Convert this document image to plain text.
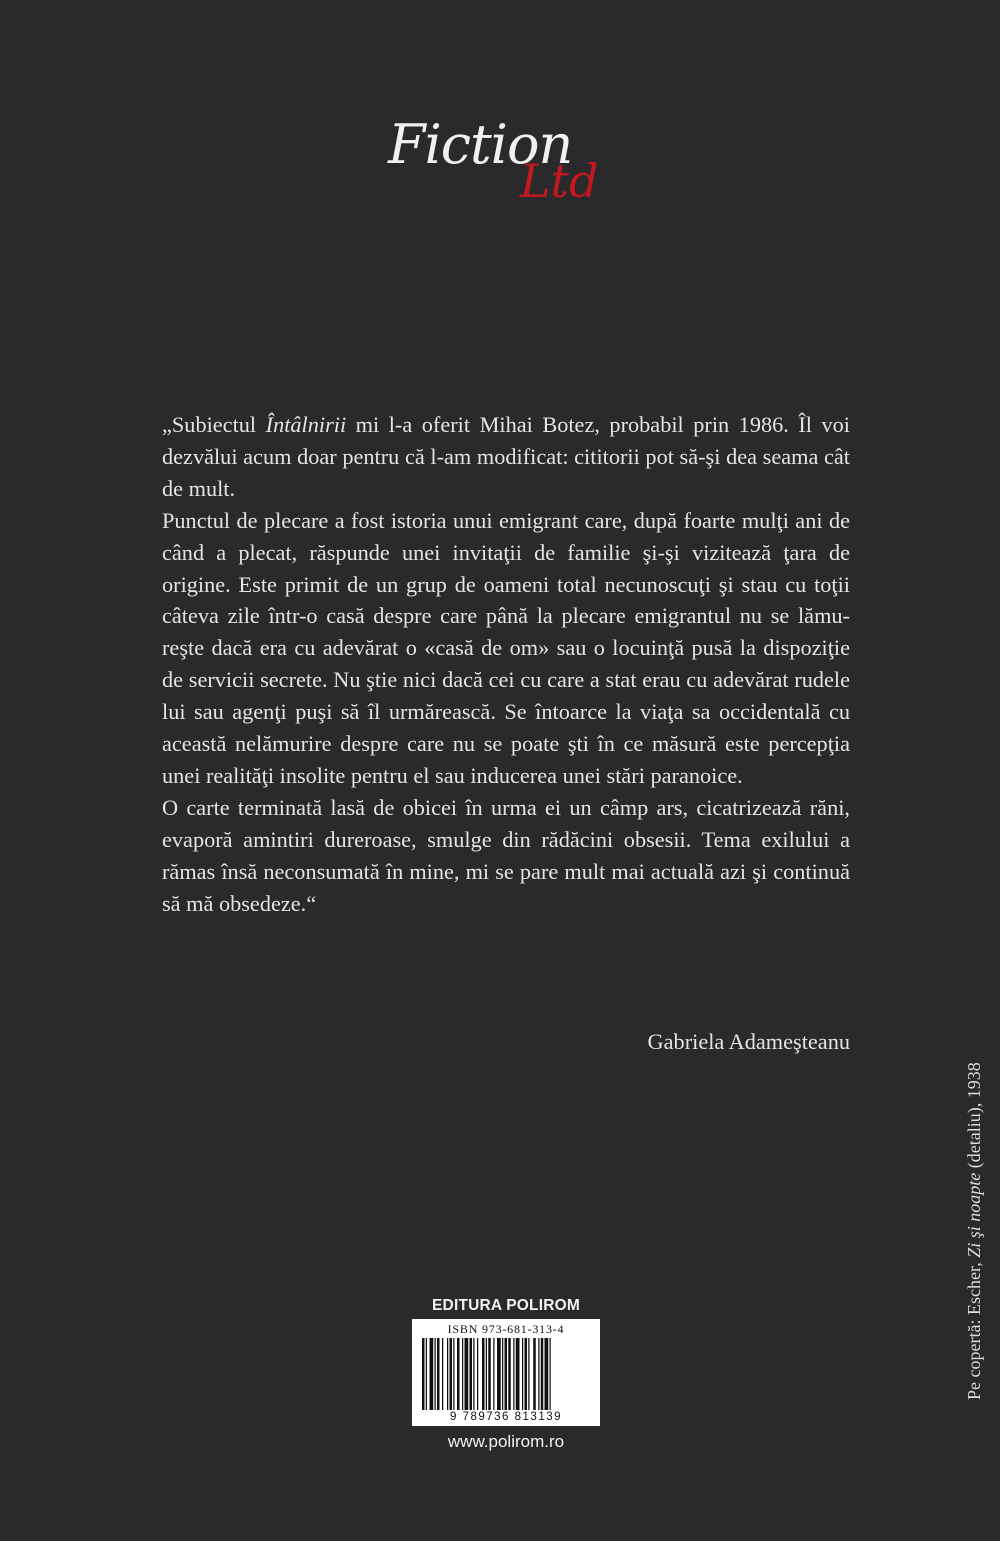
Fiction
Ltd

„Subiectul Întâlnirii mi l-a oferit Mihai Botez, probabil prin 1986. Îl voi dezvălui acum doar pentru că l-am modificat: cititorii pot să-şi dea seama cât de mult.

Punctul de plecare a fost istoria unui emigrant care, după foarte mulţi ani de când a plecat, răspunde unei invitaţii de familie şi-şi vizitează ţara de origine. Este primit de un grup de oameni total necunoscuţi şi stau cu toţii câteva zile într-o casă despre care până la plecare emigrantul nu se lămu-reşte dacă era cu adevărat o «casă de om» sau o locuinţă pusă la dispoziţie de servicii secrete. Nu ştie nici dacă cei cu care a stat erau cu adevărat rudele lui sau agenţi puşi să îl urmărească. Se întoarce la viaţa sa occidentală cu această nelămurire despre care nu se poate şti în ce măsură este percepţia unei realităţi insolite pentru el sau inducerea unei stări paranoice.

O carte terminată lasă de obicei în urma ei un câmp ars, cicatrizează răni, evaporă amintiri dureroase, smulge din rădăcini obsesii. Tema exilului a rămas însă neconsumată în mine, mi se pare mult mai actuală azi şi continuă să mă obsedeze.“

Gabriela Adameşteanu
EDITURA POLIROM
ISBN 973-681-313-4
9 789736 813139
www.polirom.ro
Pe copertă: Escher, Zi şi noapte (detaliu), 1938
